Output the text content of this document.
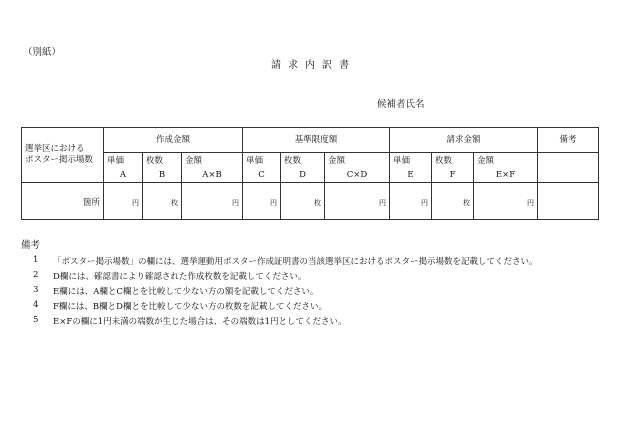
（別紙）
請求内訳書
候補者氏名
選挙区における
ポスター掲示場数	作成金額			基準限度額			請求金額			備考
	単価	枚数	金額	単価	枚数	金額	単価	枚数	金額	
	A	B	A×B	C	D	C×D	E	F	E×F	
箇所	円	枚	円	円	枚	円	円	枚	円	
備考
1 「ポスター掲示場数」の欄には、選挙運動用ポスター作成証明書の当該選挙区におけるポスター掲示場数を記載してください。
2 D欄には、確認書により確認された作成枚数を記載してください。
3 E欄には、A欄とC欄とを比較して少ない方の額を記載してください。
4 F欄には、B欄とD欄とを比較して少ない方の枚数を記載してください。
5 E×Fの欄に1円未満の端数が生じた場合は、その端数は1円としてください。
